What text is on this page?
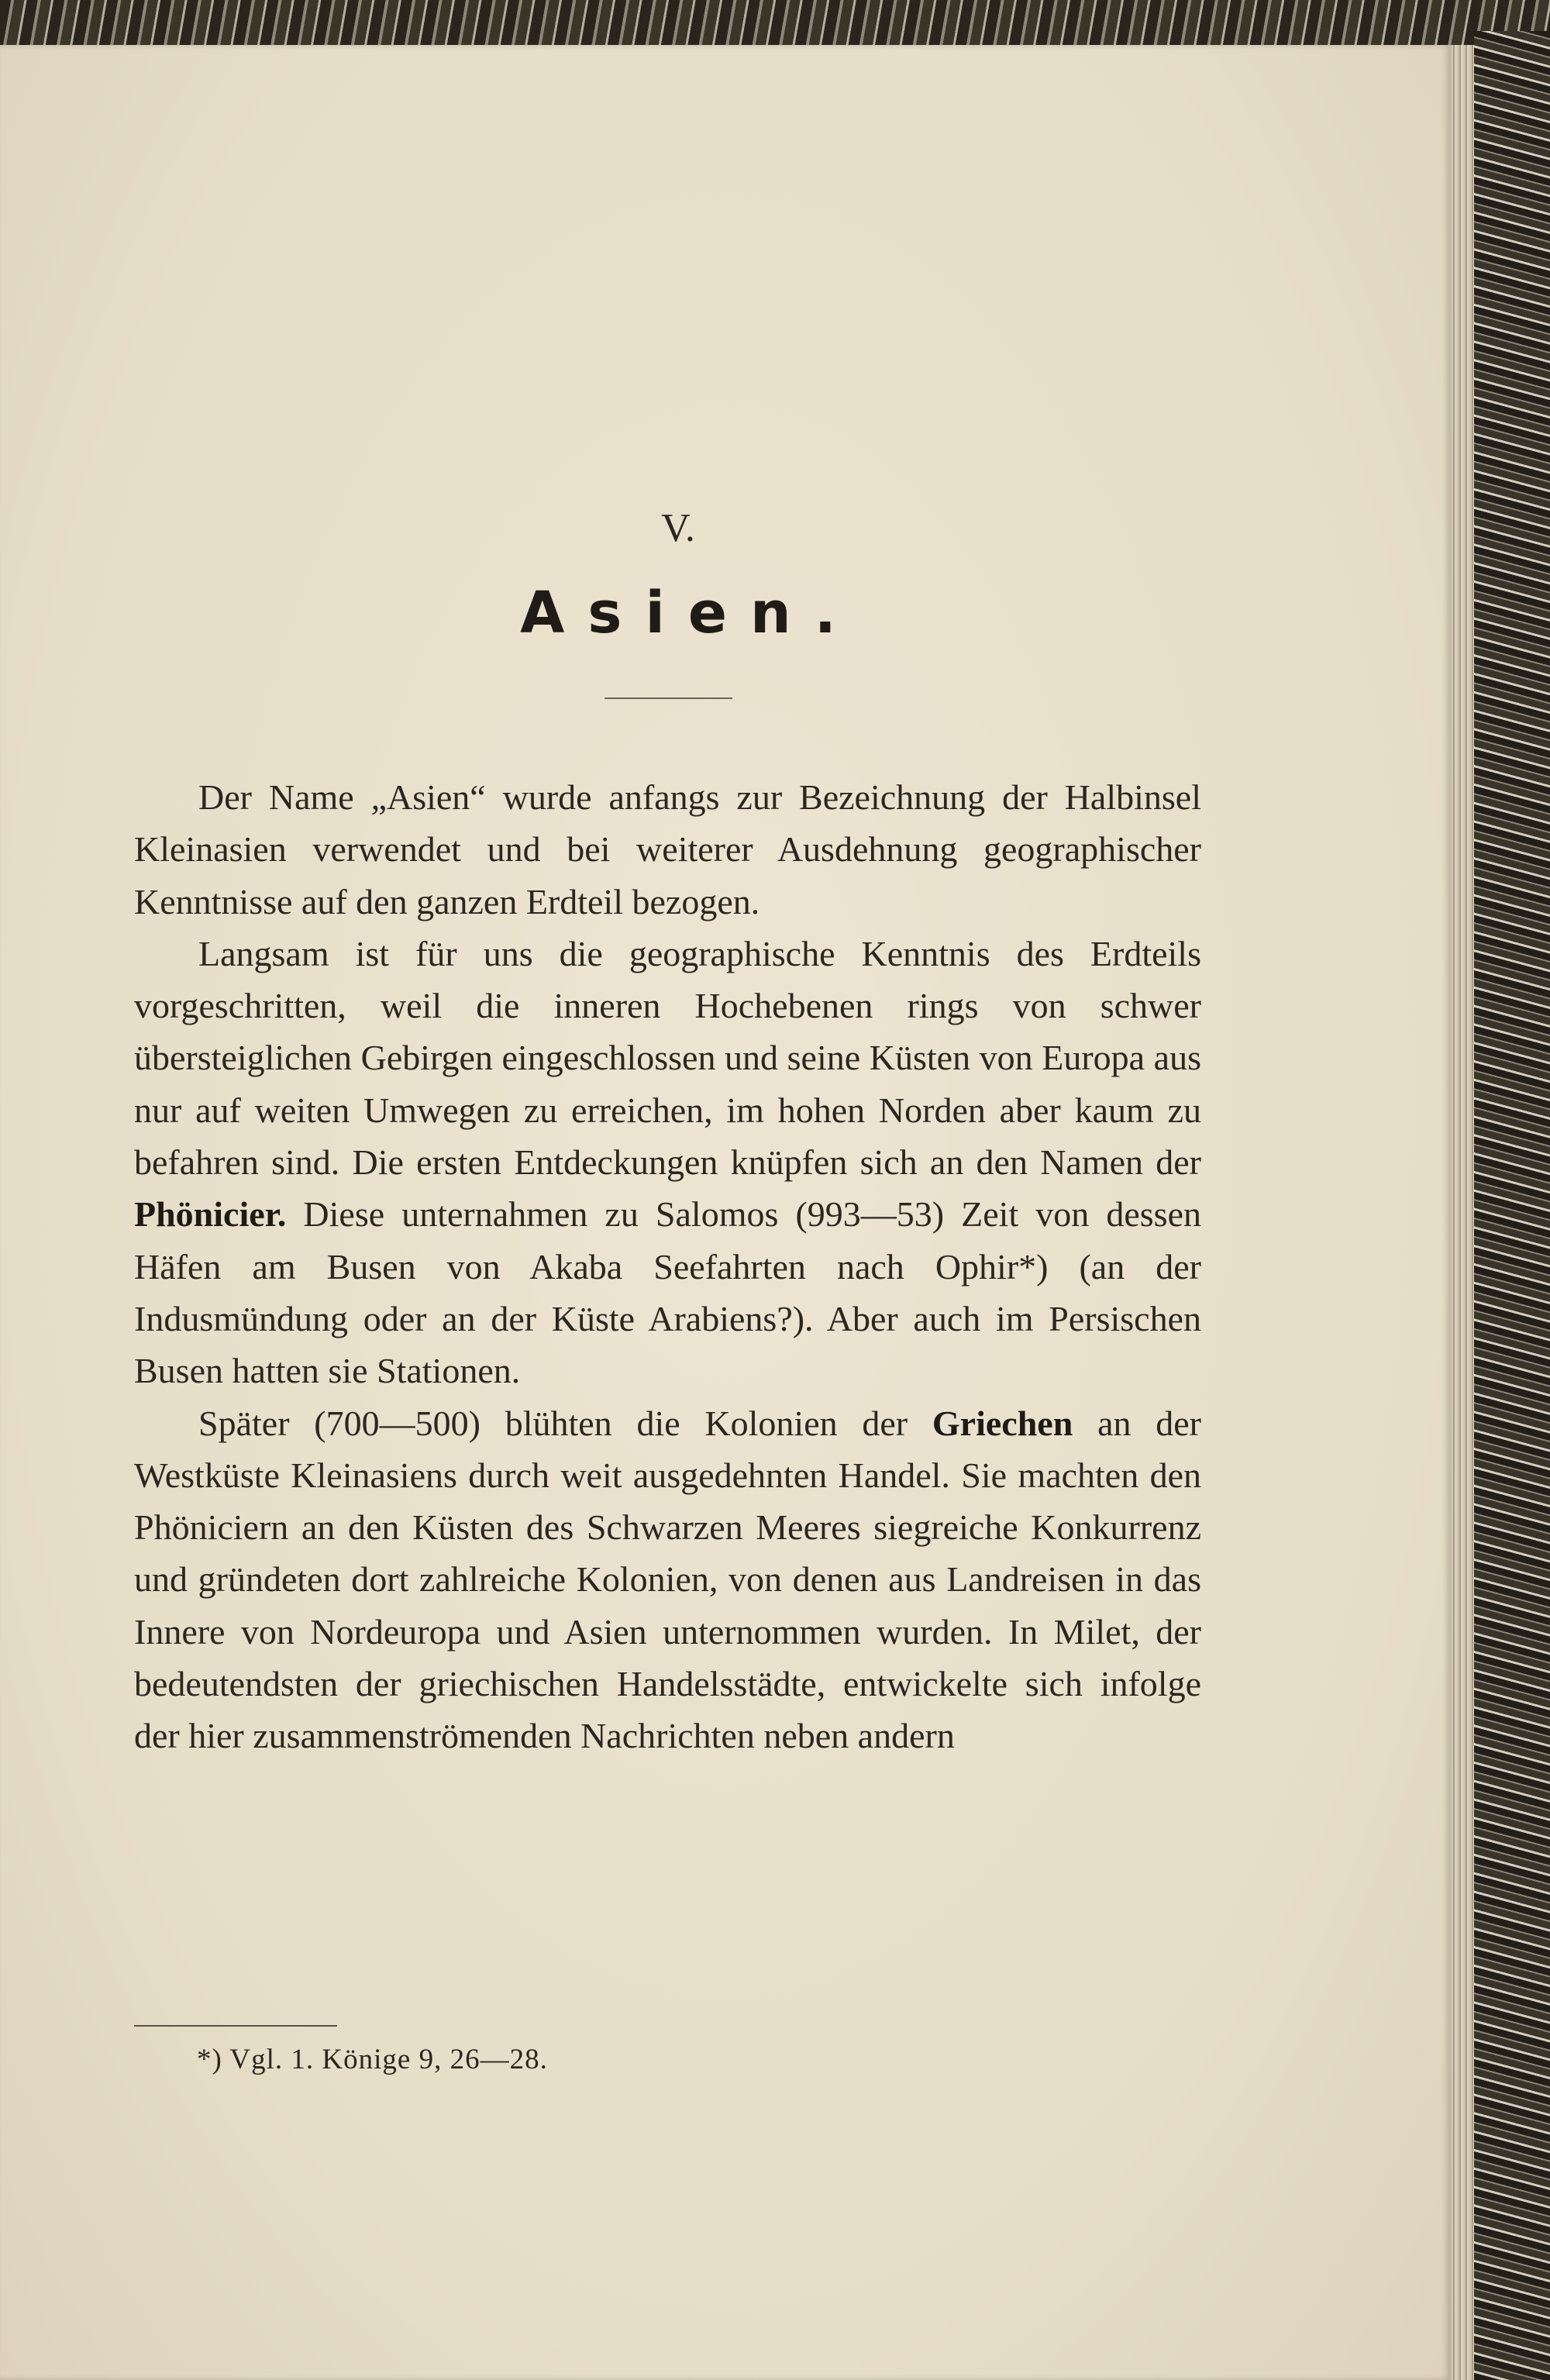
V.
Asien.

Der Name „Asien“ wurde anfangs zur Bezeichnung der Halbinsel Kleinasien verwendet und bei weiterer Ausdehnung geographischer Kenntnisse auf den ganzen Erdteil bezogen.

Langsam ist für uns die geographische Kenntnis des Erdteils vorgeschritten, weil die inneren Hochebenen rings von schwer übersteiglichen Gebirgen eingeschlossen und seine Küsten von Europa aus nur auf weiten Umwegen zu erreichen, im hohen Norden aber kaum zu befahren sind. Die ersten Entdeckungen knüpfen sich an den Namen der Phönicier. Diese unternahmen zu Salomos (993—53) Zeit von dessen Häfen am Busen von Akaba Seefahrten nach Ophir*) (an der Indusmündung oder an der Küste Arabiens?). Aber auch im Persischen Busen hatten sie Stationen.

Später (700—500) blühten die Kolonien der Griechen an der Westküste Kleinasiens durch weit ausgedehnten Handel. Sie machten den Phöniciern an den Küsten des Schwarzen Meeres siegreiche Konkurrenz und gründeten dort zahlreiche Kolonien, von denen aus Landreisen in das Innere von Nordeuropa und Asien unternommen wurden. In Milet, der bedeutendsten der griechischen Handelsstädte, entwickelte sich infolge der hier zusammenströmenden Nachrichten neben andern

*) Vgl. 1. Könige 9, 26—28.
